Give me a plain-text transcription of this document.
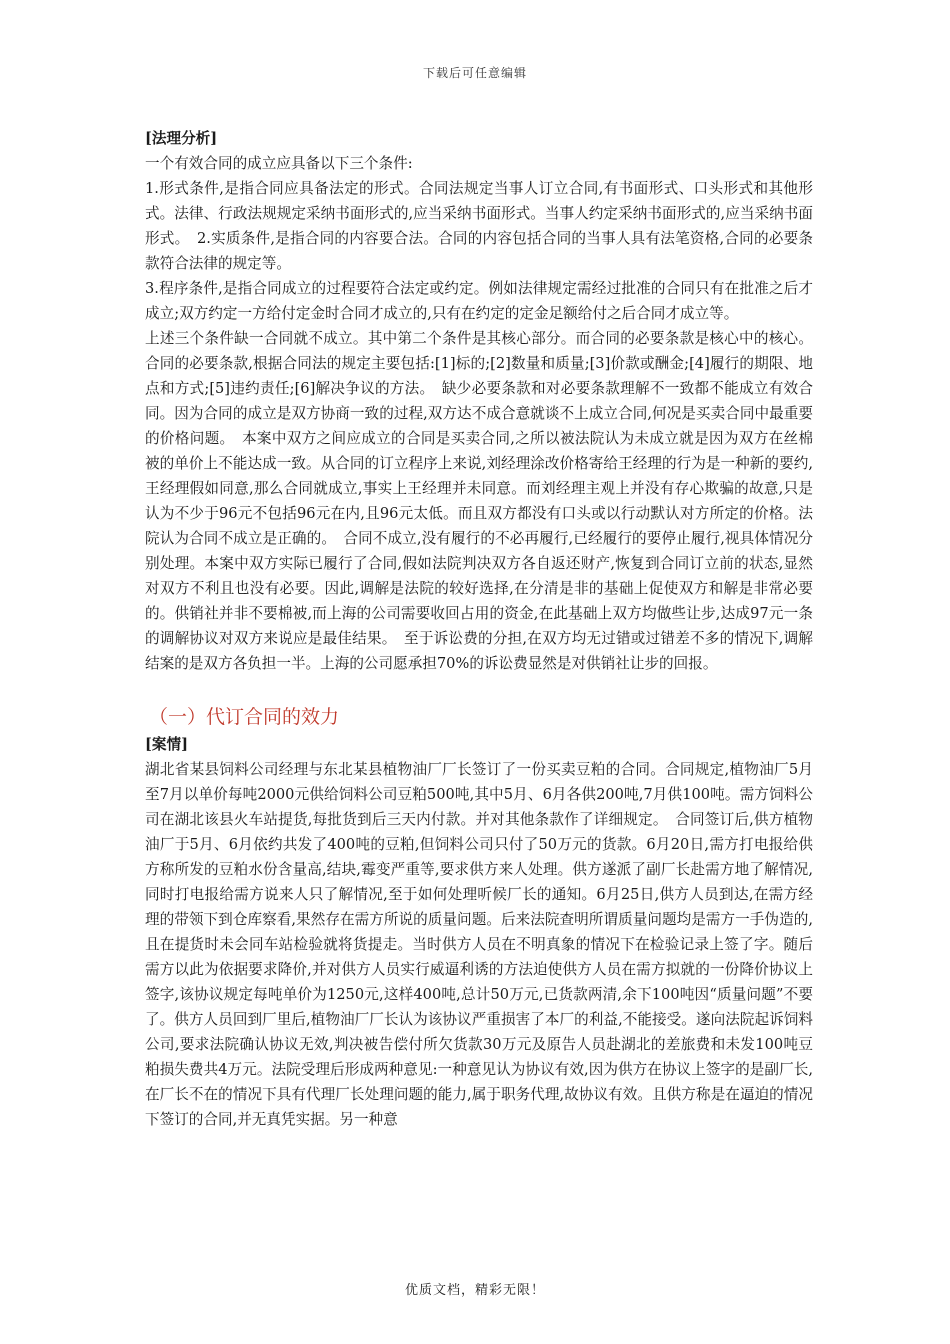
下载后可任意编辑
[法理分析]

一个有效合同的成立应具备以下三个条件:

1.形式条件,是指合同应具备法定的形式。合同法规定当事人订立合同,有书面形式、口头形式和其他形式。法律、行政法规规定采纳书面形式的,应当采纳书面形式。当事人约定采纳书面形式的,应当采纳书面形式。　2.实质条件,是指合同的内容要合法。合同的内容包括合同的当事人具有法笔资格,合同的必要条款符合法律的规定等。

3.程序条件,是指合同成立的过程要符合法定或约定。例如法律规定需经过批准的合同只有在批准之后才成立;双方约定一方给付定金时合同才成立的,只有在约定的定金足额给付之后合同才成立等。

上述三个条件缺一合同就不成立。其中第二个条件是其核心部分。而合同的必要条款是核心中的核心。合同的必要条款,根据合同法的规定主要包括:[1]标的;[2]数量和质量;[3]价款或酬金;[4]履行的期限、地点和方式;[5]违约责任;[6]解决争议的方法。　缺少必要条款和对必要条款理解不一致都不能成立有效合同。因为合同的成立是双方协商一致的过程,双方达不成合意就谈不上成立合同,何况是买卖合同中最重要的价格问题。　本案中双方之间应成立的合同是买卖合同,之所以被法院认为未成立就是因为双方在丝棉被的单价上不能达成一致。从合同的订立程序上来说,刘经理涂改价格寄给王经理的行为是一种新的要约,王经理假如同意,那么合同就成立,事实上王经理并未同意。而刘经理主观上并没有存心欺骗的故意,只是认为不少于96元不包括96元在内,且96元太低。而且双方都没有口头或以行动默认对方所定的价格。法院认为合同不成立是正确的。　合同不成立,没有履行的不必再履行,已经履行的要停止履行,视具体情况分别处理。本案中双方实际已履行了合同,假如法院判决双方各自返还财产,恢复到合同订立前的状态,显然对双方不利且也没有必要。因此,调解是法院的较好选择,在分清是非的基础上促使双方和解是非常必要的。供销社并非不要棉被,而上海的公司需要收回占用的资金,在此基础上双方均做些让步,达成97元一条的调解协议对双方来说应是最佳结果。　至于诉讼费的分担,在双方均无过错或过错差不多的情况下,调解结案的是双方各负担一半。上海的公司愿承担70%的诉讼费显然是对供销社让步的回报。

（一）代订合同的效力
[案情]

湖北省某县饲料公司经理与东北某县植物油厂厂长签订了一份买卖豆粕的合同。合同规定,植物油厂5月至7月以单价每吨2000元供给饲料公司豆粕500吨,其中5月、6月各供200吨,7月供100吨。需方饲料公司在湖北该县火车站提货,每批货到后三天内付款。并对其他条款作了详细规定。　合同签订后,供方植物油厂于5月、6月依约共发了400吨的豆粕,但饲料公司只付了50万元的货款。6月20日,需方打电报给供方称所发的豆粕水份含量高,结块,霉变严重等,要求供方来人处理。供方遂派了副厂长赴需方地了解情况,同时打电报给需方说来人只了解情况,至于如何处理听候厂长的通知。6月25日,供方人员到达,在需方经理的带领下到仓库察看,果然存在需方所说的质量问题。后来法院查明所谓质量问题均是需方一手伪造的,且在提货时未会同车站检验就将货提走。当时供方人员在不明真象的情况下在检验记录上签了字。随后需方以此为依据要求降价,并对供方人员实行威逼利诱的方法迫使供方人员在需方拟就的一份降价协议上签字,该协议规定每吨单价为1250元,这样400吨,总计50万元,已货款两清,余下100吨因“质量问题”不要了。供方人员回到厂里后,植物油厂厂长认为该协议严重损害了本厂的利益,不能接受。遂向法院起诉饲料公司,要求法院确认协议无效,判决被告偿付所欠货款30万元及原告人员赴湖北的差旅费和未发100吨豆粕损失费共4万元。法院受理后形成两种意见:一种意见认为协议有效,因为供方在协议上签字的是副厂长,在厂长不在的情况下具有代理厂长处理问题的能力,属于职务代理,故协议有效。且供方称是在逼迫的情况下签订的合同,并无真凭实据。另一种意

优质文档，精彩无限！
